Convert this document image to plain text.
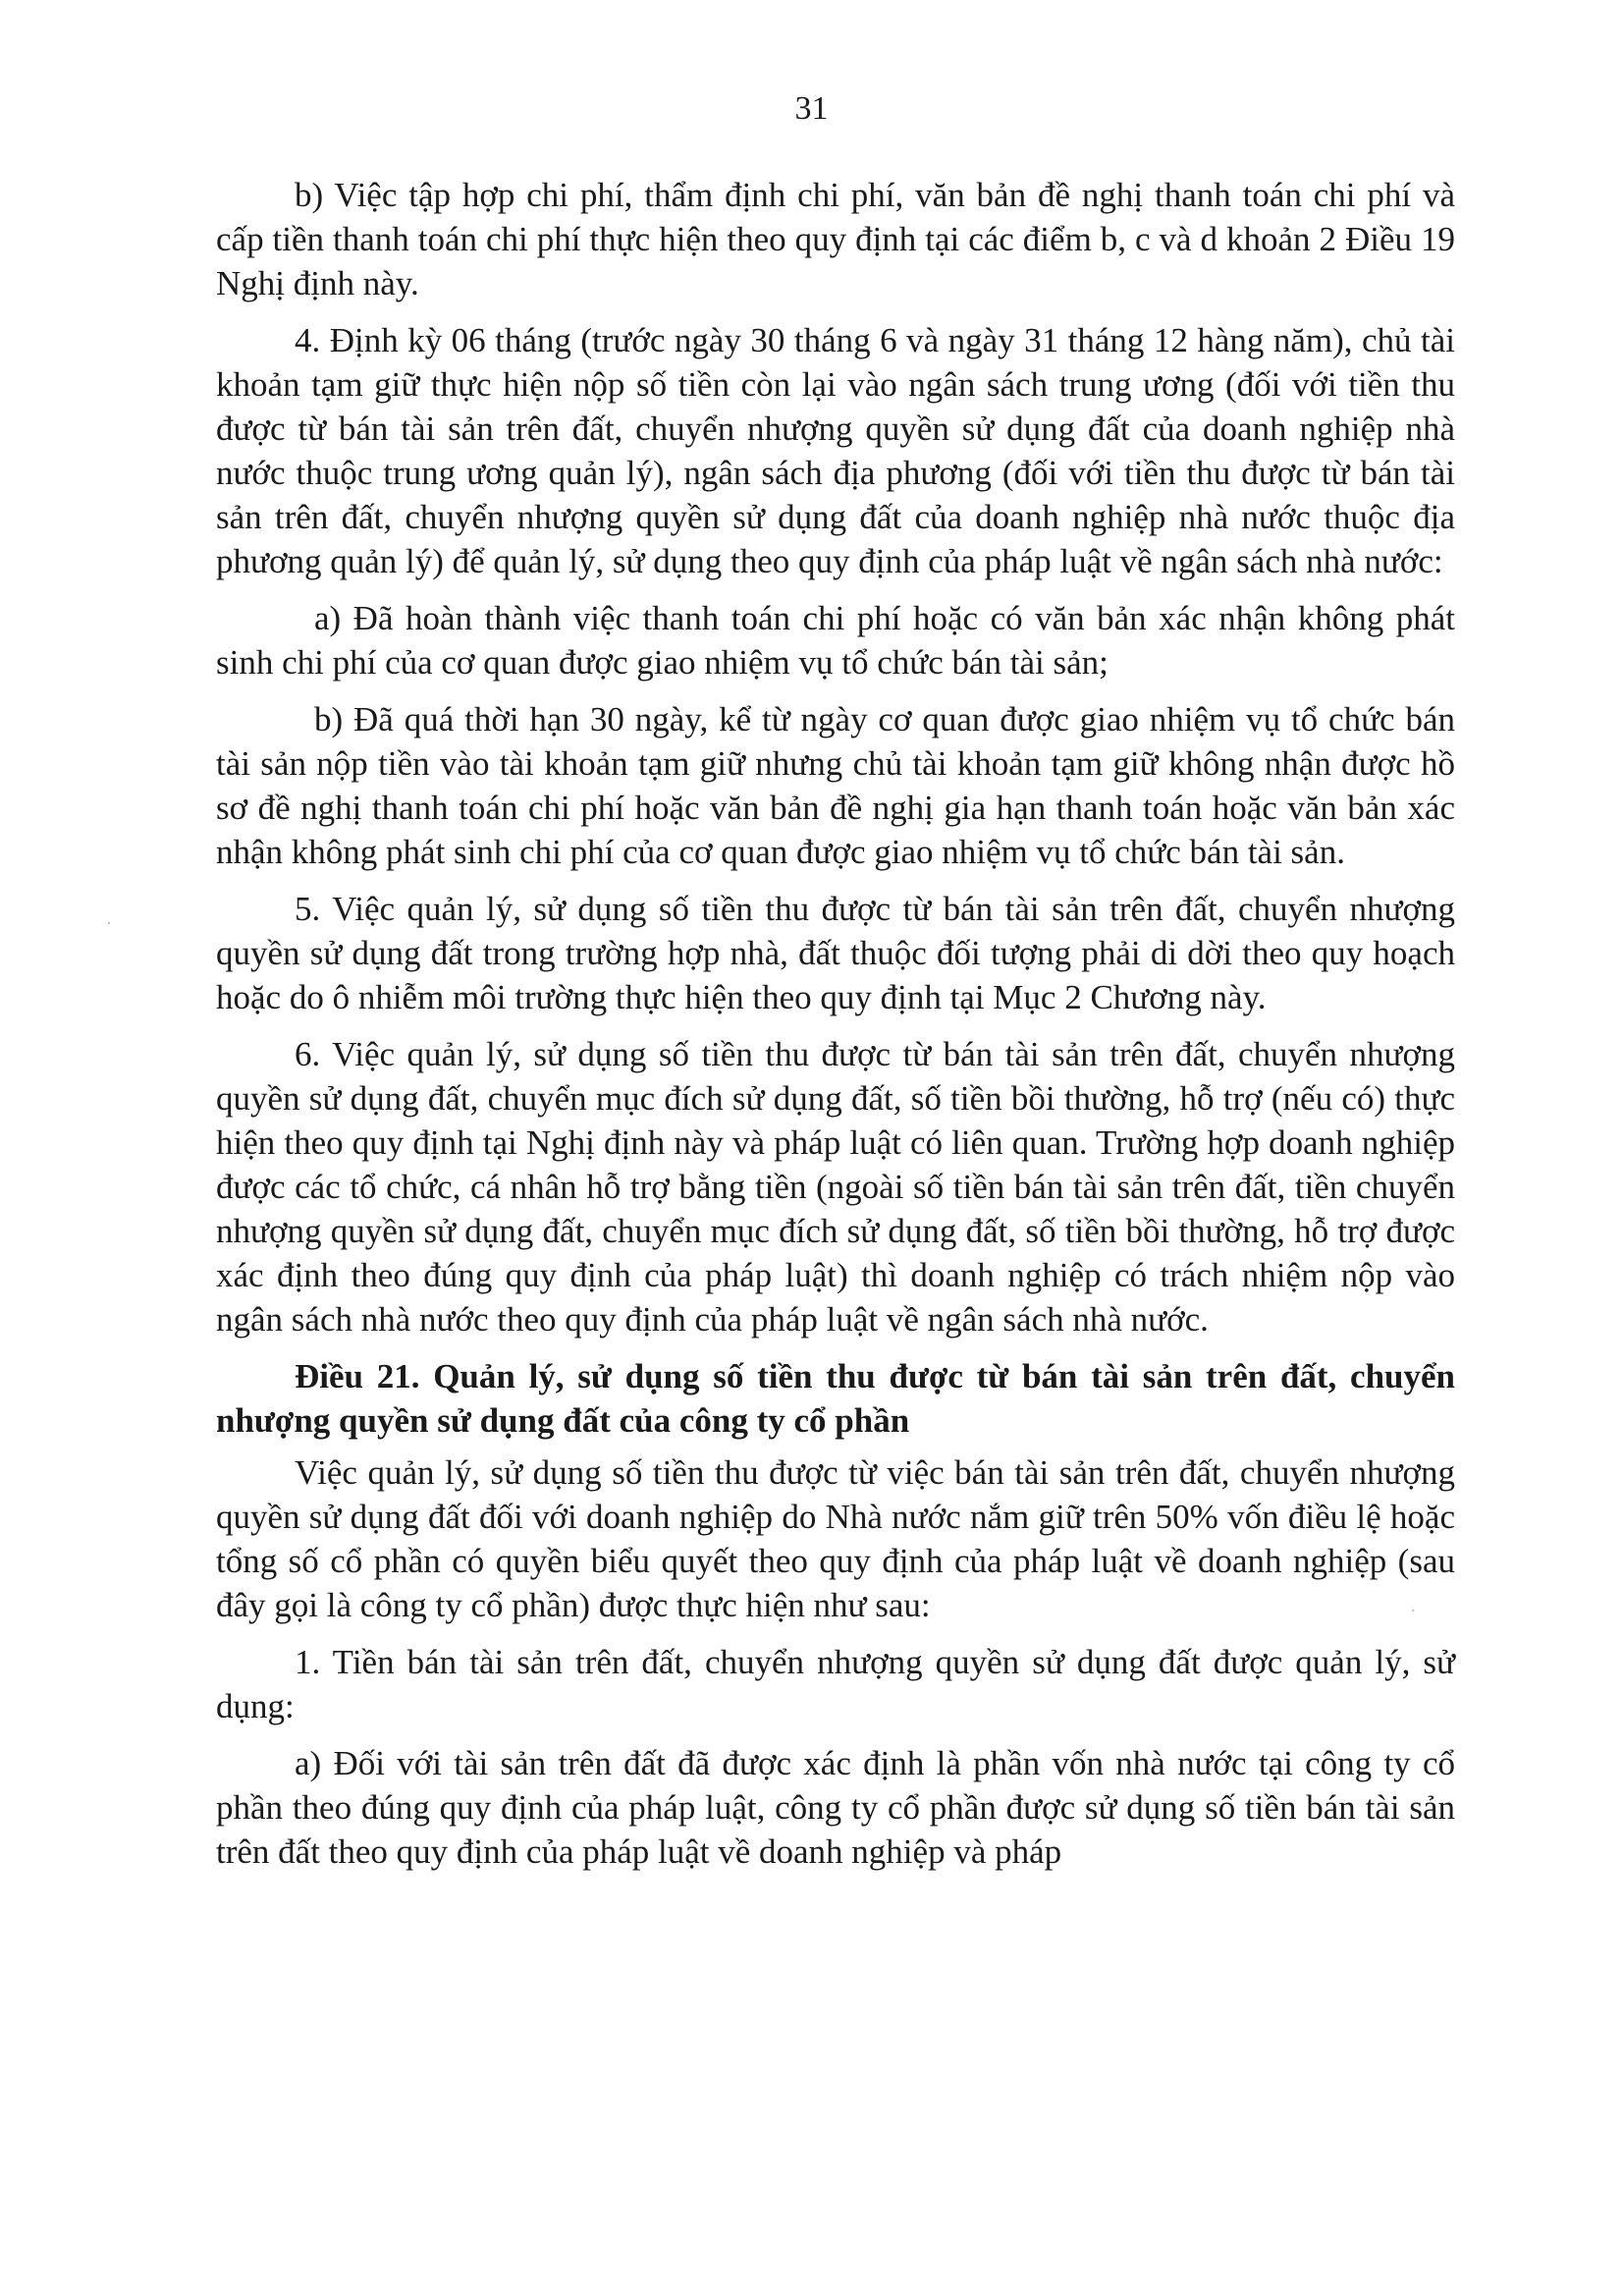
31

b) Việc tập hợp chi phí, thẩm định chi phí, văn bản đề nghị thanh toán chi phí và cấp tiền thanh toán chi phí thực hiện theo quy định tại các điểm b, c và d khoản 2 Điều 19 Nghị định này.

4. Định kỳ 06 tháng (trước ngày 30 tháng 6 và ngày 31 tháng 12 hàng năm), chủ tài khoản tạm giữ thực hiện nộp số tiền còn lại vào ngân sách trung ương (đối với tiền thu được từ bán tài sản trên đất, chuyển nhượng quyền sử dụng đất của doanh nghiệp nhà nước thuộc trung ương quản lý), ngân sách địa phương (đối với tiền thu được từ bán tài sản trên đất, chuyển nhượng quyền sử dụng đất của doanh nghiệp nhà nước thuộc địa phương quản lý) để quản lý, sử dụng theo quy định của pháp luật về ngân sách nhà nước:

a) Đã hoàn thành việc thanh toán chi phí hoặc có văn bản xác nhận không phát sinh chi phí của cơ quan được giao nhiệm vụ tổ chức bán tài sản;

b) Đã quá thời hạn 30 ngày, kể từ ngày cơ quan được giao nhiệm vụ tổ chức bán tài sản nộp tiền vào tài khoản tạm giữ nhưng chủ tài khoản tạm giữ không nhận được hồ sơ đề nghị thanh toán chi phí hoặc văn bản đề nghị gia hạn thanh toán hoặc văn bản xác nhận không phát sinh chi phí của cơ quan được giao nhiệm vụ tổ chức bán tài sản.

5. Việc quản lý, sử dụng số tiền thu được từ bán tài sản trên đất, chuyển nhượng quyền sử dụng đất trong trường hợp nhà, đất thuộc đối tượng phải di dời theo quy hoạch hoặc do ô nhiễm môi trường thực hiện theo quy định tại Mục 2 Chương này.

6. Việc quản lý, sử dụng số tiền thu được từ bán tài sản trên đất, chuyển nhượng quyền sử dụng đất, chuyển mục đích sử dụng đất, số tiền bồi thường, hỗ trợ (nếu có) thực hiện theo quy định tại Nghị định này và pháp luật có liên quan. Trường hợp doanh nghiệp được các tổ chức, cá nhân hỗ trợ bằng tiền (ngoài số tiền bán tài sản trên đất, tiền chuyển nhượng quyền sử dụng đất, chuyển mục đích sử dụng đất, số tiền bồi thường, hỗ trợ được xác định theo đúng quy định của pháp luật) thì doanh nghiệp có trách nhiệm nộp vào ngân sách nhà nước theo quy định của pháp luật về ngân sách nhà nước.

Điều 21. Quản lý, sử dụng số tiền thu được từ bán tài sản trên đất, chuyển nhượng quyền sử dụng đất của công ty cổ phần

Việc quản lý, sử dụng số tiền thu được từ việc bán tài sản trên đất, chuyển nhượng quyền sử dụng đất đối với doanh nghiệp do Nhà nước nắm giữ trên 50% vốn điều lệ hoặc tổng số cổ phần có quyền biểu quyết theo quy định của pháp luật về doanh nghiệp (sau đây gọi là công ty cổ phần) được thực hiện như sau:

1. Tiền bán tài sản trên đất, chuyển nhượng quyền sử dụng đất được quản lý, sử dụng:

a) Đối với tài sản trên đất đã được xác định là phần vốn nhà nước tại công ty cổ phần theo đúng quy định của pháp luật, công ty cổ phần được sử dụng số tiền bán tài sản trên đất theo quy định của pháp luật về doanh nghiệp và pháp

·
·
